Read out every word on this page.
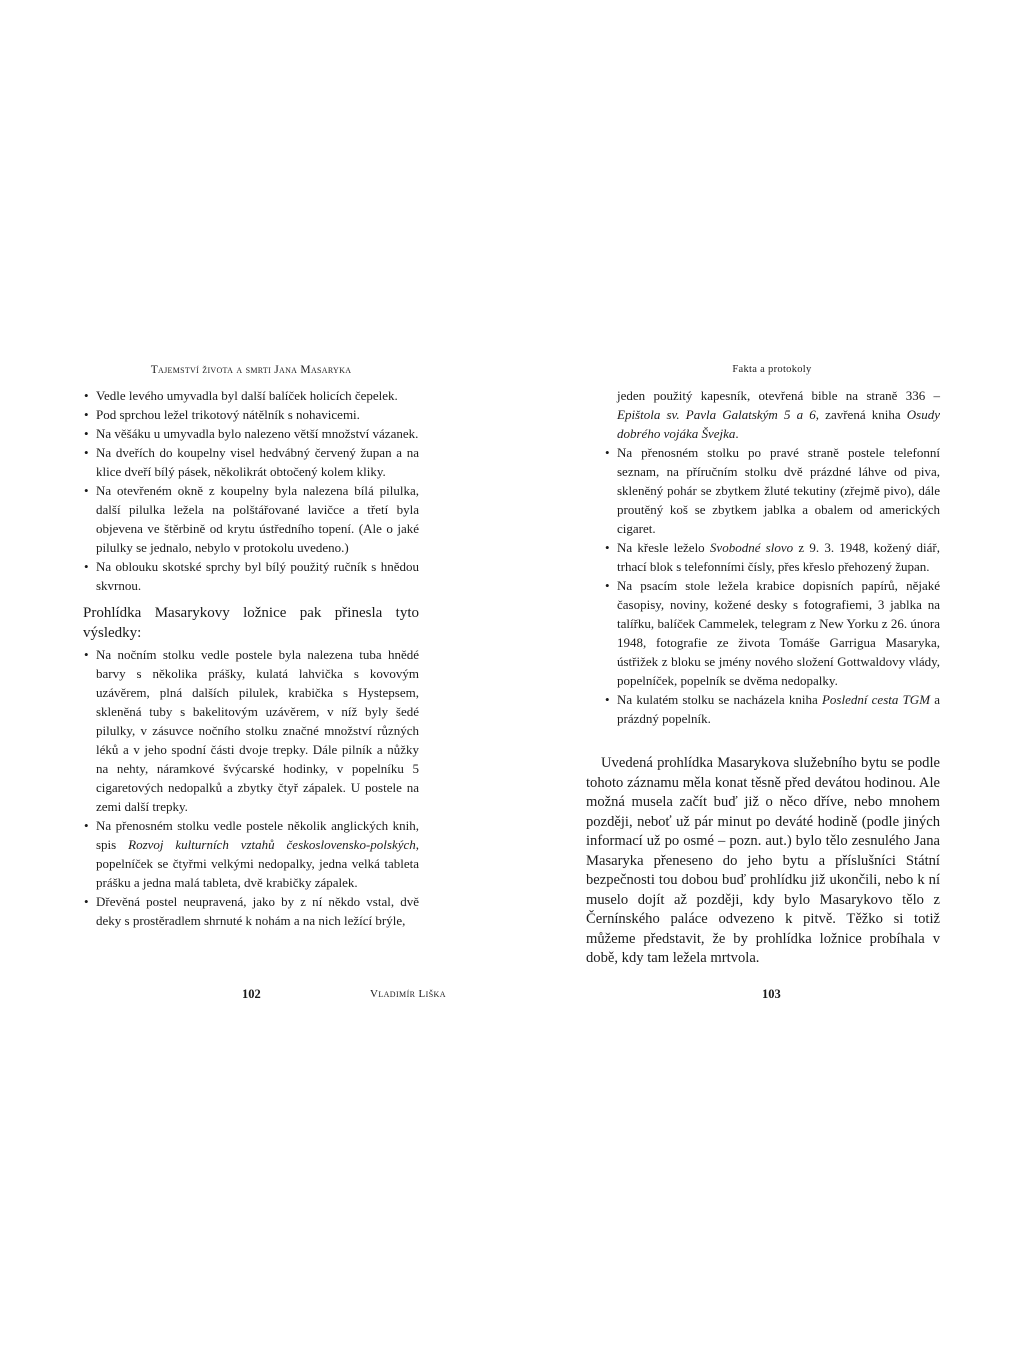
Tajemství života a smrti Jana Masaryka
• Vedle levého umyvadla byl další balíček holicích čepelek.
• Pod sprchou ležel trikotový nátělník s nohavicemi.
• Na věšáku u umyvadla bylo nalezeno větší množství vázanek.
• Na dveřích do koupelny visel hedvábný červený župan a na klice dveří bílý pásek, několikrát obtočený kolem kliky.
• Na otevřeném okně z koupelny byla nalezena bílá pilulka, další pilulka ležela na polštářované lavičce a třetí byla objevena ve štěrbině od krytu ústředního topení. (Ale o jaké pilulky se jednalo, nebylo v protokolu uvedeno.)
• Na oblouku skotské sprchy byl bílý použitý ručník s hnědou skvrnou.

Prohlídka Masarykovy ložnice pak přinesla tyto výsledky:

• Na nočním stolku vedle postele byla nalezena tuba hnědé barvy s několika prášky, kulatá lahvička s kovovým uzávěrem, plná dalších pilulek, krabička s Hystepsem, skleněná tuby s bakelitovým uzávěrem, v níž byly šedé pilulky, v zásuvce nočního stolku značné množství různých léků a v jeho spodní části dvoje trepky. Dále pilník a nůžky na nehty, náramkové švýcarské hodinky, v popelníku 5 cigaretových nedopalků a zbytky čtyř zápalek. U postele na zemi další trepky.
• Na přenosném stolku vedle postele několik anglických knih, spis Rozvoj kulturních vztahů československo-polských, popelníček se čtyřmi velkými nedopalky, jedna velká tableta prášku a jedna malá tableta, dvě krabičky zápalek.
• Dřevěná postel neupravená, jako by z ní někdo vstal, dvě deky s prostěradlem shrnuté k nohám a na nich ležící brýle,
Fakta a protokoly
jeden použitý kapesník, otevřená bible na straně 336 – Epištola sv. Pavla Galatským 5 a 6, zavřená kniha Osudy dobrého vojáka Švejka.
• Na přenosném stolku po pravé straně postele telefonní seznam, na příručním stolku dvě prázdné láhve od piva, skleněný pohár se zbytkem žluté tekutiny (zřejmě pivo), dále proutěný koš se zbytkem jablka a obalem od amerických cigaret.
• Na křesle leželo Svobodné slovo z 9. 3. 1948, kožený diář, trhací blok s telefonními čísly, přes křeslo přehozený župan.
• Na psacím stole ležela krabice dopisních papírů, nějaké časopisy, noviny, kožené desky s fotografiemi, 3 jablka na talířku, balíček Cammelek, telegram z New Yorku z 26. února 1948, fotografie ze života Tomáše Garrigua Masaryka, ústřižek z bloku se jmény nového složení Gottwaldovy vlády, popelníček, popelník se dvěma nedopalky.
• Na kulatém stolku se nacházela kniha Poslední cesta TGM a prázdný popelník.

Uvedená prohlídka Masarykova služebního bytu se podle tohoto záznamu měla konat těsně před devátou hodinou. Ale možná musela začít buď již o něco dříve, nebo mnohem později, neboť už pár minut po deváté hodině (podle jiných informací už po osmé – pozn. aut.) bylo tělo zesnulého Jana Masaryka přeneseno do jeho bytu a příslušníci Státní bezpečnosti tou dobou buď prohlídku již ukončili, nebo k ní muselo dojít až později, kdy bylo Masarykovo tělo z Černínského paláce odvezeno k pitvě. Těžko si totiž můžeme představit, že by prohlídka ložnice probíhala v době, kdy tam ležela mrtvola.

102	Vladimír Liška	103
